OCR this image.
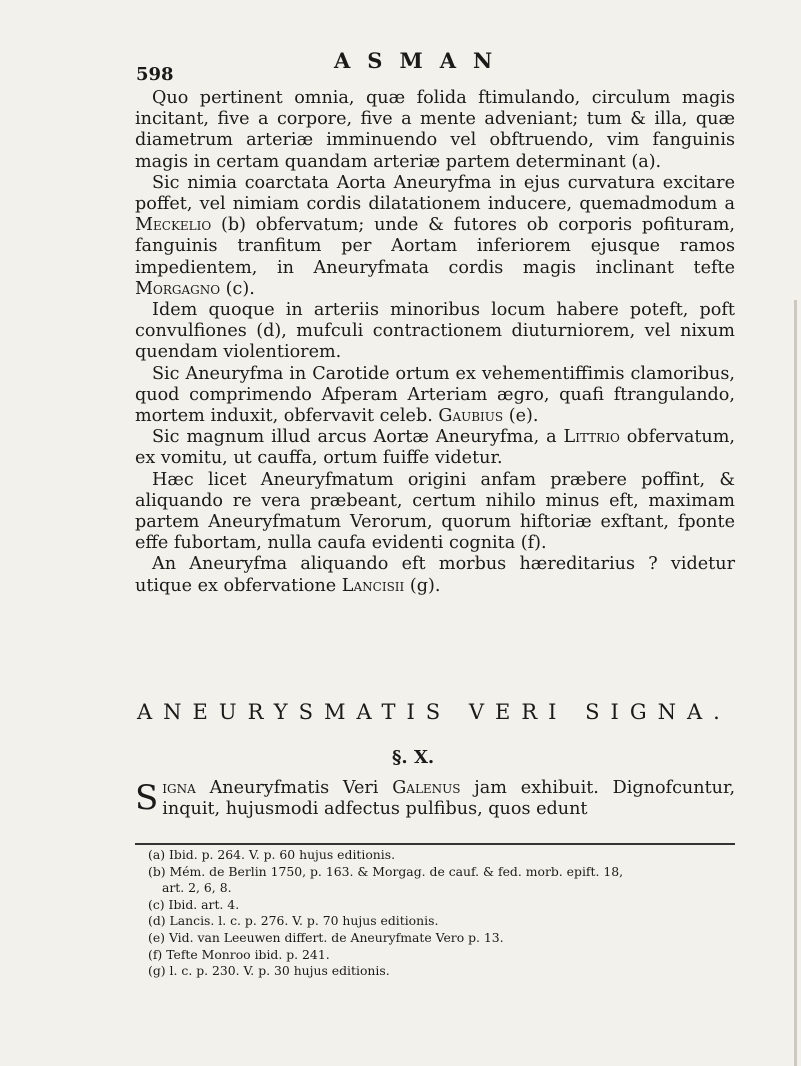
598
ASMAN

Quo pertinent omnia, quæ folida ftimulando, circulum magis incitant, five a corpore, five a mente adveniant; tum & illa, quæ diametrum arteriæ imminuendo vel obftruendo, vim fanguinis magis in certam quandam arteriæ partem determinant (a).

Sic nimia coarctata Aorta Aneuryfma in ejus curvatura excitare poffet, vel nimiam cordis dilatationem inducere, quemadmodum a Meckelio (b) obfervatum; unde & futores ob corporis pofituram, fanguinis tranfitum per Aortam inferiorem ejusque ramos impedientem, in Aneuryfmata cordis magis inclinant tefte Morgagno (c).

Idem quoque in arteriis minoribus locum habere poteft, poft convulfiones (d), mufculi contractionem diuturniorem, vel nixum quendam violentiorem.

Sic Aneuryfma in Carotide ortum ex vehementiffimis clamoribus, quod comprimendo Afperam Arteriam ægro, quafi ftrangulando, mortem induxit, obfervavit celeb. Gaubius (e).

Sic magnum illud arcus Aortæ Aneuryfma, a Littrio obfervatum, ex vomitu, ut cauffa, ortum fuiffe videtur.

Hæc licet Aneuryfmatum origini anfam præbere poffint, & aliquando re vera præbeant, certum nihilo minus eft, maximam partem Aneuryfmatum Verorum, quorum hiftoriæ exftant, fponte effe fubortam, nulla caufa evidenti cognita (f).

An Aneuryfma aliquando eft morbus hæreditarius ? videtur utique ex obfervatione Lancisii (g).

ANEURYSMATIS VERI SIGNA.
§. X.
Signa Aneuryfmatis Veri Galenus jam exhibuit. Dignofcuntur, inquit, hujusmodi adfectus pulfibus, quos edunt
(a) Ibid. p. 264. V. p. 60 hujus editionis.
(b) Mém. de Berlin 1750, p. 163. & Morgag. de cauf. & fed. morb. epift. 18,
art. 2, 6, 8.
(c) Ibid. art. 4.
(d) Lancis. l. c. p. 276. V. p. 70 hujus editionis.
(e) Vid. van Leeuwen differt. de Aneuryfmate Vero p. 13.
(f) Tefte Monroo ibid. p. 241.
(g) l. c. p. 230. V. p. 30 hujus editionis.
